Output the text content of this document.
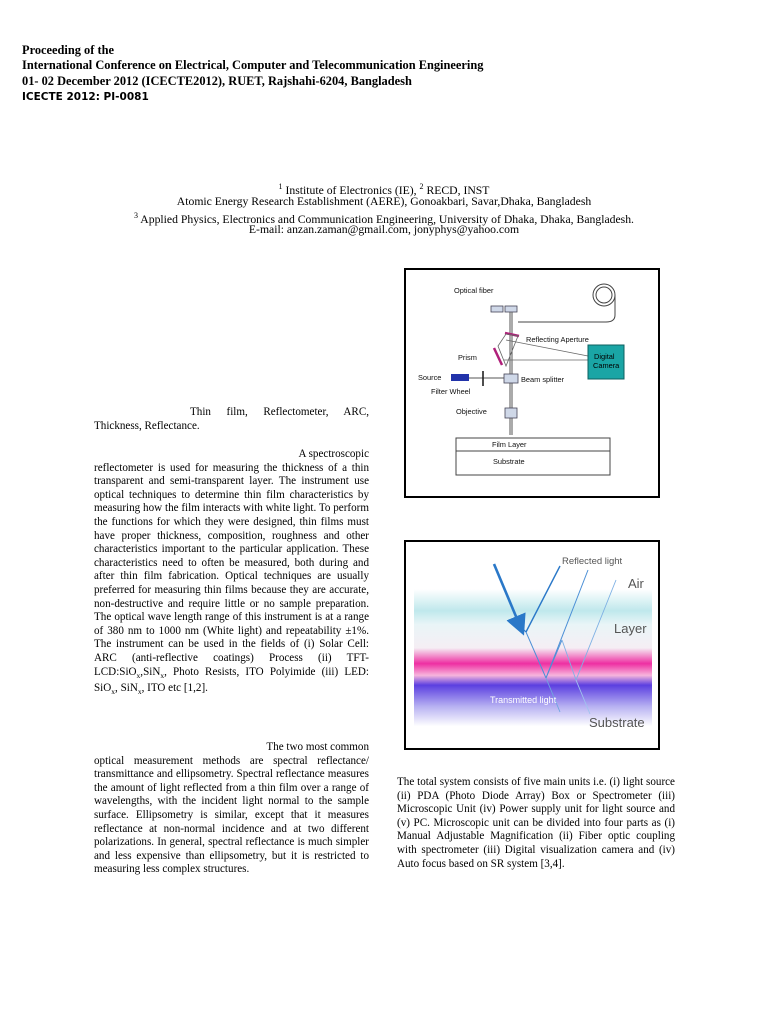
Proceeding of the
International Conference on Electrical, Computer and Telecommunication Engineering
01- 02 December 2012 (ICECTE2012), RUET, Rajshahi-6204, Bangladesh
ICECTE 2012: PI-0081
$^1$ Institute of Electronics (IE), $^2$ RECD, INST
Atomic Energy Research Establishment (AERE), Gonoakbari, Savar,Dhaka, Bangladesh
$^3$ Applied Physics, Electronics and Communication Engineering, University of Dhaka, Dhaka, Bangladesh.
E-mail: anzan.zaman@gmail.com, jonyphys@yahoo.com
Thin film, Reflectometer, ARC, Thickness, Reflectance.
A spectroscopic
reflectometer is used for measuring the thickness of a thin transparent and semi-transparent layer. The instrument use optical techniques to determine thin film characteristics by measuring how the film interacts with white light. To perform the functions for which they were designed, thin films must have proper thickness, composition, roughness and other characteristics important to the particular application. These characteristics need to often be measured, both during and after thin film fabrication. Optical techniques are usually preferred for measuring thin films because they are accurate, non-destructive and require little or no sample preparation. The optical wave length range of this instrument is at a range of 380 nm to 1000 nm (White light) and repeatability ±1%. The instrument can be used in the fields of (i) Solar Cell: ARC (anti-reflective coatings) Process (ii) TFT-LCD:SiO$_x$,SiN$_x$, Photo Resists, ITO Polyimide (iii) LED: SiO$_x$, SiN$_x$, ITO etc [1,2].
The two most common
optical measurement methods are spectral reflectance/ transmittance and ellipsometry. Spectral reflectance measures the amount of light reflected from a thin film over a range of wavelengths, with the incident light normal to the sample surface. Ellipsometry is similar, except that it measures reflectance at non-normal incidence and at two different polarizations. In general, spectral reflectance is much simpler and less expensive than ellipsometry, but it is restricted to measuring less complex structures.
Optical fiber
Reflecting Aperture
Prism	Digital
Camera
Source
Filter Wheel
Beam splitter
Objective
Film Layer
Substrate
Reflected light
Air
Layer
Transmitted light
Substrate
The total system consists of five main units i.e. (i) light source (ii) PDA (Photo Diode Array) Box or Spectrometer (iii) Microscopic Unit (iv) Power supply unit for light source and (v) PC. Microscopic unit can be divided into four parts as (i) Manual Adjustable Magnification (ii) Fiber optic coupling with spectrometer (iii) Digital visualization camera and (iv) Auto focus based on SR system [3,4].
